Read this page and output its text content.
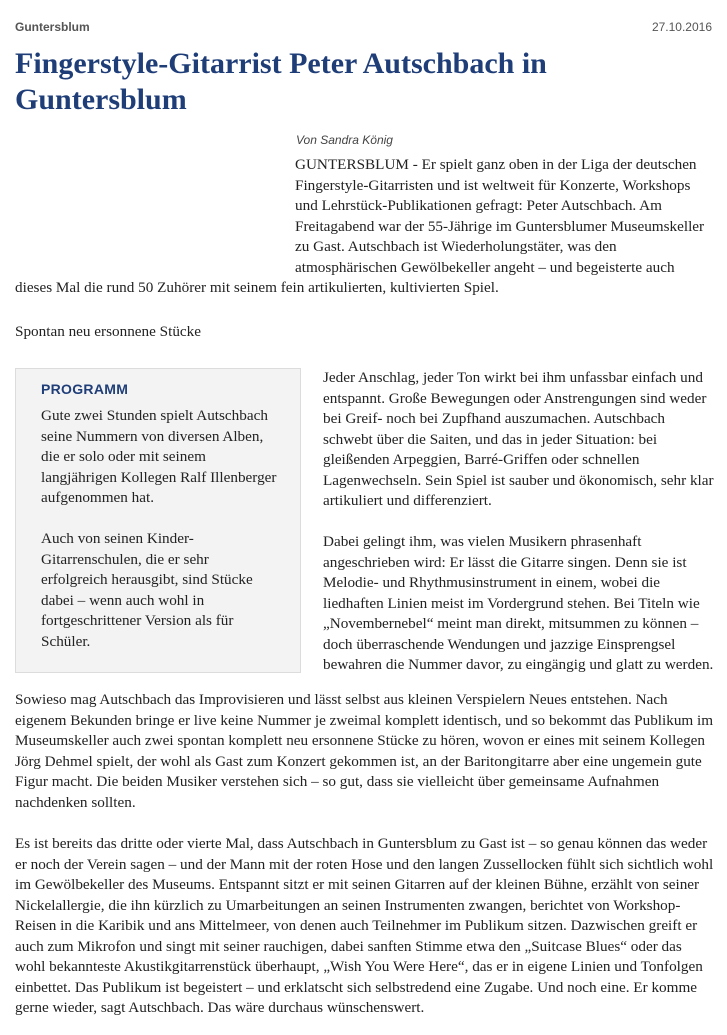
Guntersblum	27.10.2016
Fingerstyle-Gitarrist Peter Autschbach in Guntersblum
Von Sandra König

GUNTERSBLUM - Er spielt ganz oben in der Liga der deutschen Fingerstyle-Gitarristen und ist weltweit für Konzerte, Workshops und Lehrstück-Publikationen gefragt: Peter Autschbach. Am Freitagabend war der 55-Jährige im Guntersblumer Museumskeller zu Gast. Autschbach ist Wiederholungstäter, was den atmosphärischen Gewölbekeller angeht – und begeisterte auch dieses Mal die rund 50 Zuhörer mit seinem fein artikulierten, kultivierten Spiel.

Spontan neu ersonnene Stücke

PROGRAMM

Gute zwei Stunden spielt Autschbach seine Nummern von diversen Alben, die er solo oder mit seinem langjährigen Kollegen Ralf Illenberger aufgenommen hat.

Auch von seinen Kinder-Gitarrenschulen, die er sehr erfolgreich herausgibt, sind Stücke dabei – wenn auch wohl in fortgeschrittener Version als für Schüler.

Jeder Anschlag, jeder Ton wirkt bei ihm unfassbar einfach und entspannt. Große Bewegungen oder Anstrengungen sind weder bei Greif- noch bei Zupfhand auszumachen. Autschbach schwebt über die Saiten, und das in jeder Situation: bei gleißenden Arpeggien, Barré-Griffen oder schnellen Lagenwechseln. Sein Spiel ist sauber und ökonomisch, sehr klar artikuliert und differenziert.

Dabei gelingt ihm, was vielen Musikern phrasenhaft angeschrieben wird: Er lässt die Gitarre singen. Denn sie ist Melodie- und Rhythmusinstrument in einem, wobei die liedhaften Linien meist im Vordergrund stehen. Bei Titeln wie „Novembernebel“ meint man direkt, mitsummen zu können – doch überraschende Wendungen und jazzige Einsprengsel bewahren die Nummer davor, zu eingängig und glatt zu werden.

Sowieso mag Autschbach das Improvisieren und lässt selbst aus kleinen Verspielern Neues entstehen. Nach eigenem Bekunden bringe er live keine Nummer je zweimal komplett identisch, und so bekommt das Publikum im Museumskeller auch zwei spontan komplett neu ersonnene Stücke zu hören, wovon er eines mit seinem Kollegen Jörg Dehmel spielt, der wohl als Gast zum Konzert gekommen ist, an der Baritongitarre aber eine ungemein gute Figur macht. Die beiden Musiker verstehen sich – so gut, dass sie vielleicht über gemeinsame Aufnahmen nachdenken sollten.

Es ist bereits das dritte oder vierte Mal, dass Autschbach in Guntersblum zu Gast ist – so genau können das weder er noch der Verein sagen – und der Mann mit der roten Hose und den langen Zussellocken fühlt sich sichtlich wohl im Gewölbekeller des Museums. Entspannt sitzt er mit seinen Gitarren auf der kleinen Bühne, erzählt von seiner Nickelallergie, die ihn kürzlich zu Umarbeitungen an seinen Instrumenten zwangen, berichtet von Workshop-Reisen in die Karibik und ans Mittelmeer, von denen auch Teilnehmer im Publikum sitzen. Dazwischen greift er auch zum Mikrofon und singt mit seiner rauchigen, dabei sanften Stimme etwa den „Suitcase Blues“ oder das wohl bekannteste Akustikgitarrenstück überhaupt, „Wish You Were Here“, das er in eigene Linien und Tonfolgen einbettet. Das Publikum ist begeistert – und erklatscht sich selbstredend eine Zugabe. Und noch eine. Er komme gerne wieder, sagt Autschbach. Das wäre durchaus wünschenswert.
